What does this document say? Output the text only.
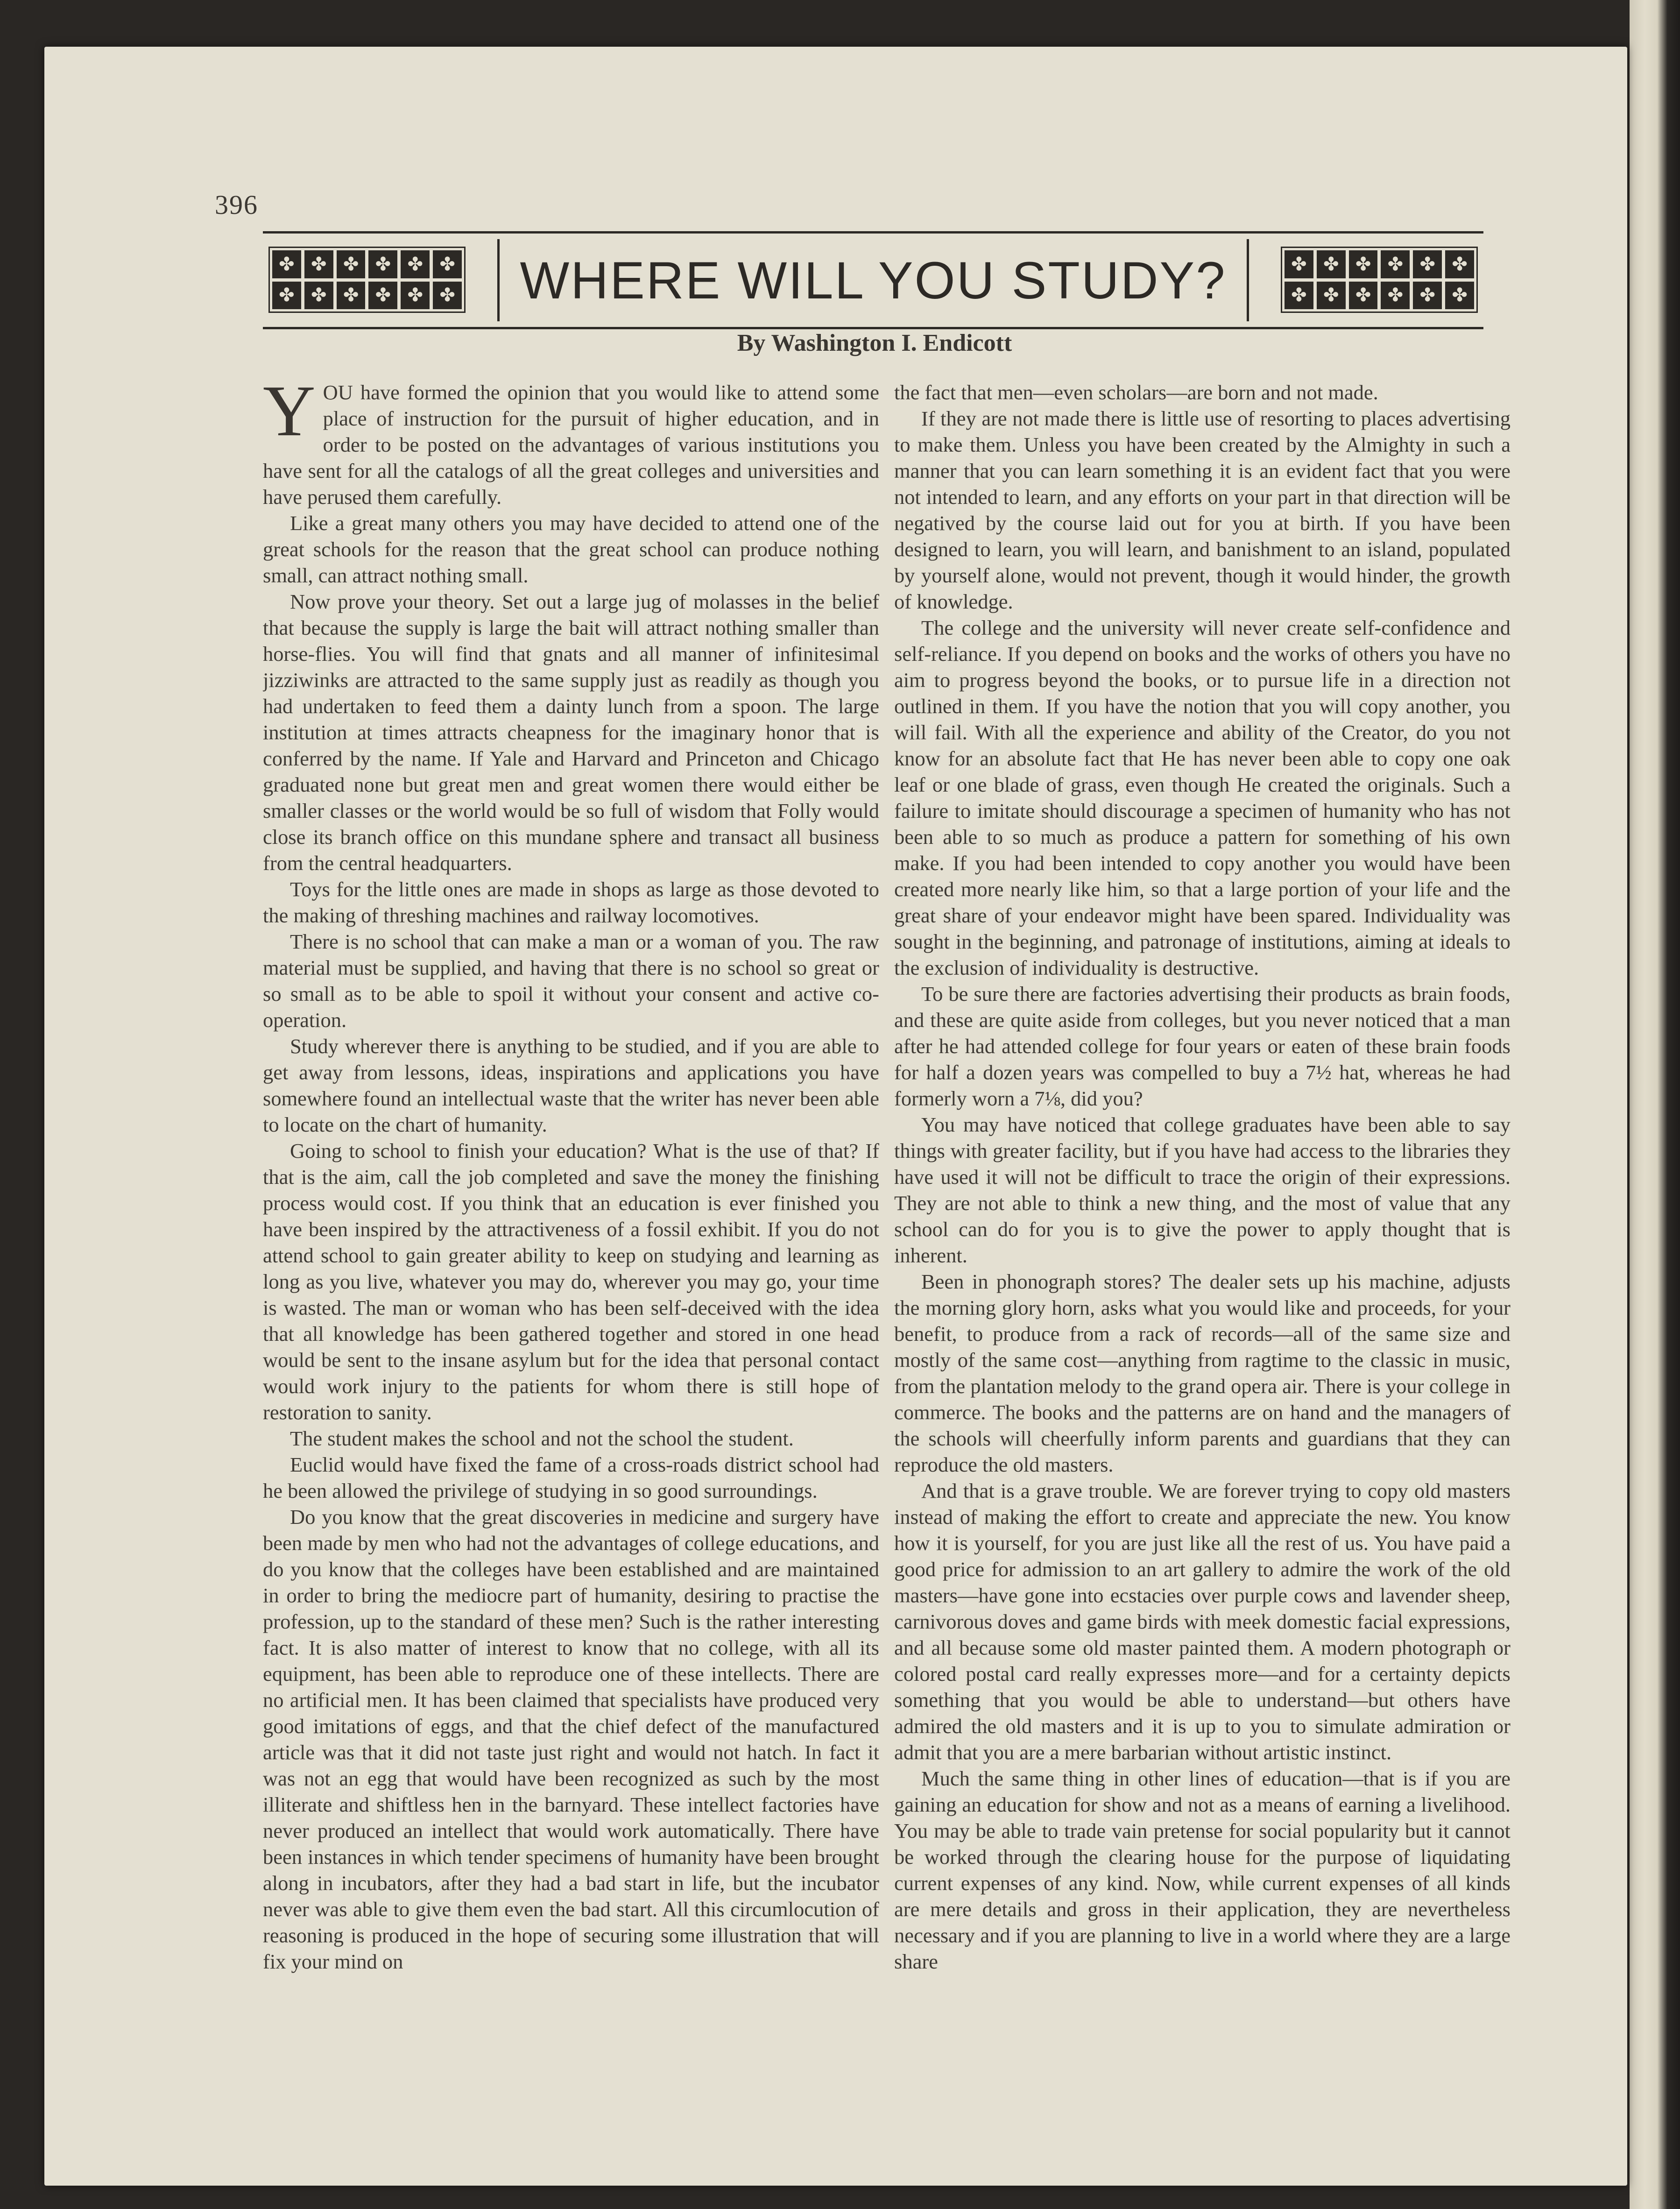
396
✤ ✤ ✤ ✤ ✤ ✤
✤ ✤ ✤ ✤ ✤ ✤ WHERE WILL YOU STUDY?	✤ ✤ ✤ ✤ ✤ ✤
✤ ✤ ✤ ✤ ✤ ✤
By Washington I. Endicott

YOU have formed the opinion that you would like to attend some place of instruction for the pursuit of higher education, and in order to be posted on the advantages of various institutions you have sent for all the catalogs of all the great colleges and universities and have perused them carefully.

Like a great many others you may have decided to attend one of the great schools for the reason that the great school can produce nothing small, can attract nothing small.

Now prove your theory. Set out a large jug of molasses in the belief that because the supply is large the bait will attract nothing smaller than horse-flies. You will find that gnats and all manner of infinitesimal jizziwinks are attracted to the same supply just as readily as though you had undertaken to feed them a dainty lunch from a spoon. The large institution at times attracts cheapness for the imaginary honor that is conferred by the name. If Yale and Harvard and Princeton and Chicago graduated none but great men and great women there would either be smaller classes or the world would be so full of wisdom that Folly would close its branch office on this mundane sphere and transact all business from the central headquarters.

Toys for the little ones are made in shops as large as those devoted to the making of threshing machines and railway locomotives.

There is no school that can make a man or a woman of you. The raw material must be supplied, and having that there is no school so great or so small as to be able to spoil it without your consent and active co-operation.

Study wherever there is anything to be studied, and if you are able to get away from lessons, ideas, inspirations and applications you have somewhere found an intellectual waste that the writer has never been able to locate on the chart of humanity.

Going to school to finish your education? What is the use of that? If that is the aim, call the job completed and save the money the finishing process would cost. If you think that an education is ever finished you have been inspired by the attractiveness of a fossil exhibit. If you do not attend school to gain greater ability to keep on studying and learning as long as you live, whatever you may do, wherever you may go, your time is wasted. The man or woman who has been self-deceived with the idea that all knowledge has been gathered together and stored in one head would be sent to the insane asylum but for the idea that personal contact would work injury to the patients for whom there is still hope of restoration to sanity.

The student makes the school and not the school the student.

Euclid would have fixed the fame of a cross-roads district school had he been allowed the privilege of studying in so good surroundings.

Do you know that the great discoveries in medicine and surgery have been made by men who had not the advantages of college educations, and do you know that the colleges have been established and are maintained in order to bring the mediocre part of humanity, desiring to practise the profession, up to the standard of these men? Such is the rather interesting fact. It is also matter of interest to know that no college, with all its equipment, has been able to reproduce one of these intellects. There are no artificial men. It has been claimed that specialists have produced very good imitations of eggs, and that the chief defect of the manufactured article was that it did not taste just right and would not hatch. In fact it was not an egg that would have been recognized as such by the most illiterate and shiftless hen in the barnyard. These intellect factories have never produced an intellect that would work automatically. There have been instances in which tender specimens of humanity have been brought along in incubators, after they had a bad start in life, but the incubator never was able to give them even the bad start. All this circumlocution of reasoning is produced in the hope of securing some illustration that will fix your mind on

the fact that men—even scholars—are born and not made.

If they are not made there is little use of resorting to places advertising to make them. Unless you have been created by the Almighty in such a manner that you can learn something it is an evident fact that you were not intended to learn, and any efforts on your part in that direction will be negatived by the course laid out for you at birth. If you have been designed to learn, you will learn, and banishment to an island, populated by yourself alone, would not prevent, though it would hinder, the growth of knowledge.

The college and the university will never create self-confidence and self-reliance. If you depend on books and the works of others you have no aim to progress beyond the books, or to pursue life in a direction not outlined in them. If you have the notion that you will copy another, you will fail. With all the experience and ability of the Creator, do you not know for an absolute fact that He has never been able to copy one oak leaf or one blade of grass, even though He created the originals. Such a failure to imitate should discourage a specimen of humanity who has not been able to so much as produce a pattern for something of his own make. If you had been intended to copy another you would have been created more nearly like him, so that a large portion of your life and the great share of your endeavor might have been spared. Individuality was sought in the beginning, and patronage of institutions, aiming at ideals to the exclusion of individuality is destructive.

To be sure there are factories advertising their products as brain foods, and these are quite aside from colleges, but you never noticed that a man after he had attended college for four years or eaten of these brain foods for half a dozen years was compelled to buy a 7½ hat, whereas he had formerly worn a 7⅛, did you?

You may have noticed that college graduates have been able to say things with greater facility, but if you have had access to the libraries they have used it will not be difficult to trace the origin of their expressions. They are not able to think a new thing, and the most of value that any school can do for you is to give the power to apply thought that is inherent.

Been in phonograph stores? The dealer sets up his machine, adjusts the morning glory horn, asks what you would like and proceeds, for your benefit, to produce from a rack of records—all of the same size and mostly of the same cost—anything from ragtime to the classic in music, from the plantation melody to the grand opera air. There is your college in commerce. The books and the patterns are on hand and the managers of the schools will cheerfully inform parents and guardians that they can reproduce the old masters.

And that is a grave trouble. We are forever trying to copy old masters instead of making the effort to create and appreciate the new. You know how it is yourself, for you are just like all the rest of us. You have paid a good price for admission to an art gallery to admire the work of the old masters—have gone into ecstacies over purple cows and lavender sheep, carnivorous doves and game birds with meek domestic facial expressions, and all because some old master painted them. A modern photograph or colored postal card really expresses more—and for a certainty depicts something that you would be able to understand—but others have admired the old masters and it is up to you to simulate admiration or admit that you are a mere barbarian without artistic instinct.

Much the same thing in other lines of education—that is if you are gaining an education for show and not as a means of earning a livelihood. You may be able to trade vain pretense for social popularity but it cannot be worked through the clearing house for the purpose of liquidating current expenses of any kind. Now, while current expenses of all kinds are mere details and gross in their application, they are nevertheless necessary and if you are planning to live in a world where they are a large share
